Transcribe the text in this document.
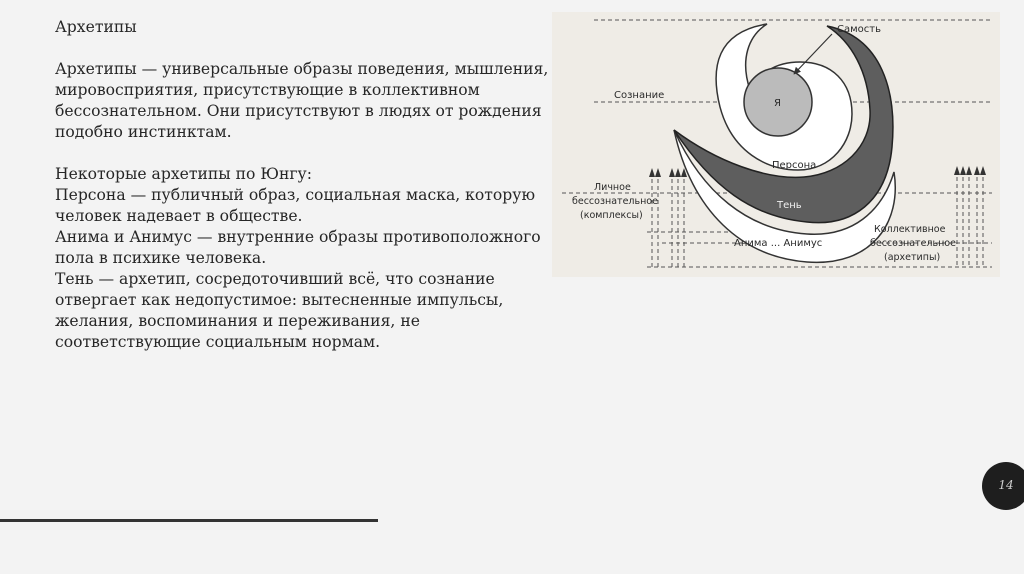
Архетипы

Архетипы — универсальные образы поведения, мышления, мировосприятия, присутствующие в коллективном бессознательном. Они присутствуют в людях от рождения подобно инстинктам.

Некоторые архетипы по Юнгу:

Персона — публичный образ, социальная маска, которую человек надевает в обществе.

Анима и Анимус — внутренние образы противоположного пола в психике человека.

Тень — архетип, сосредоточивший всё, что сознание отвергает как недопустимое: вытесненные импульсы, желания, воспоминания и переживания, не соответствующие социальным нормам.

Самость
Сознание
Я
Персона
Тень
Личное
бессознательное
(комплексы)
Анима ... Анимус
Коллективное
бессознательное
(архетипы)
14
